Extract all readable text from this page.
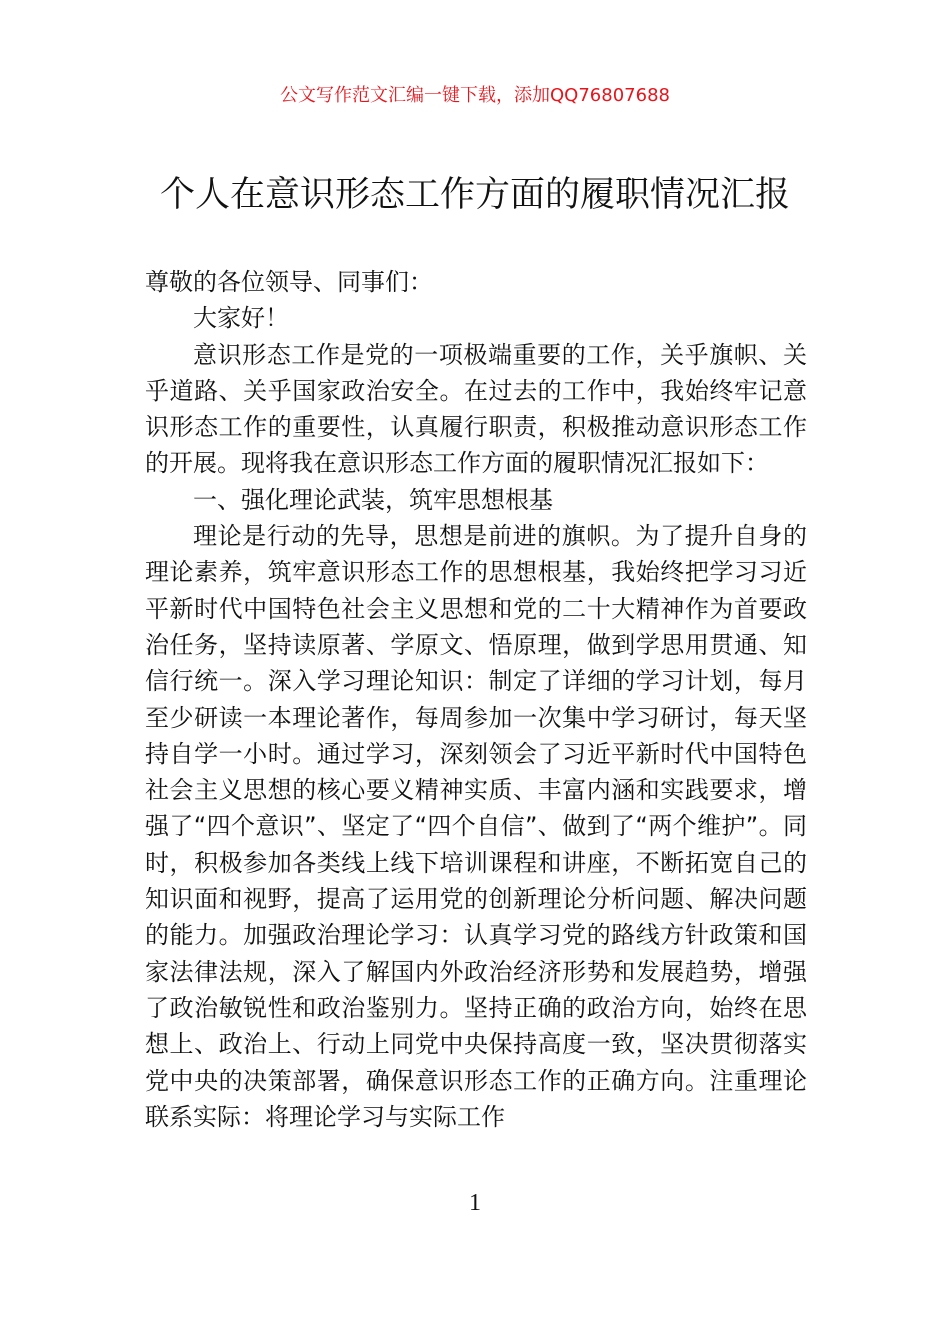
公文写作范文汇编一键下载，添加QQ76807688
个人在意识形态工作方面的履职情况汇报

尊敬的各位领导、同事们：

大家好！

意识形态工作是党的一项极端重要的工作，关乎旗帜、关乎道路、关乎国家政治安全。在过去的工作中，我始终牢记意识形态工作的重要性，认真履行职责，积极推动意识形态工作的开展。现将我在意识形态工作方面的履职情况汇报如下：

一、强化理论武装，筑牢思想根基

理论是行动的先导，思想是前进的旗帜。为了提升自身的理论素养，筑牢意识形态工作的思想根基，我始终把学习习近平新时代中国特色社会主义思想和党的二十大精神作为首要政治任务，坚持读原著、学原文、悟原理，做到学思用贯通、知信行统一。深入学习理论知识：制定了详细的学习计划，每月至少研读一本理论著作，每周参加一次集中学习研讨，每天坚持自学一小时。通过学习，深刻领会了习近平新时代中国特色社会主义思想的核心要义精神实质、丰富内涵和实践要求，增强了“四个意识”、坚定了“四个自信”、做到了“两个维护”。同时，积极参加各类线上线下培训课程和讲座，不断拓宽自己的知识面和视野，提高了运用党的创新理论分析问题、解决问题的能力。加强政治理论学习：认真学习党的路线方针政策和国家法律法规，深入了解国内外政治经济形势和发展趋势，增强了政治敏锐性和政治鉴别力。坚持正确的政治方向，始终在思想上、政治上、行动上同党中央保持高度一致，坚决贯彻落实党中央的决策部署，确保意识形态工作的正确方向。注重理论联系实际：将理论学习与实际工作

1
